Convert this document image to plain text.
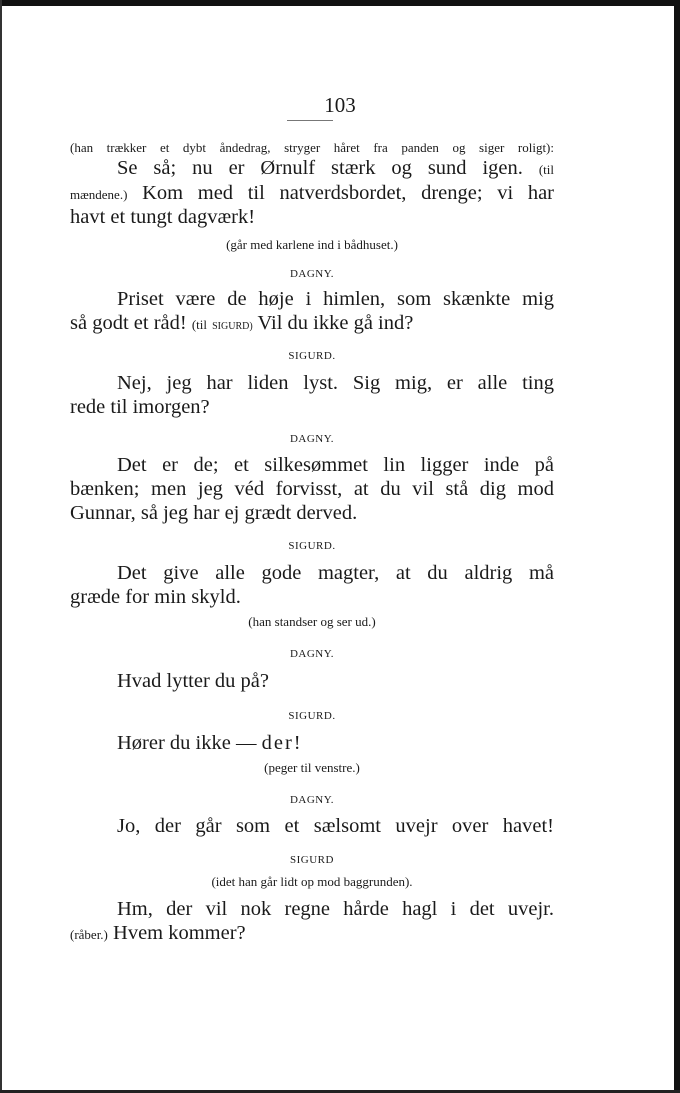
103
(han trækker et dybt åndedrag, stryger håret fra panden og siger roligt):
Se så; nu er Ørnulf stærk og sund igen. (til
mændene.) Kom med til natverdsbordet, drenge; vi har
havt et tungt dagværk!
(går med karlene ind i bådhuset.)
DAGNY.
Priset være de høje i himlen, som skænkte mig
så godt et råd! (til SIGURD) Vil du ikke gå ind?
SIGURD.
Nej, jeg har liden lyst. Sig mig, er alle ting
rede til imorgen?
DAGNY.
Det er de; et silkesømmet lin ligger inde på
bænken; men jeg véd forvisst, at du vil stå dig mod
Gunnar, så jeg har ej grædt derved.
SIGURD.
Det give alle gode magter, at du aldrig må
græde for min skyld.
(han standser og ser ud.)
DAGNY.
Hvad lytter du på?
SIGURD.
Hører du ikke — der!
(peger til venstre.)
DAGNY.
Jo, der går som et sælsomt uvejr over havet!
SIGURD
(idet han går lidt op mod baggrunden).
Hm, der vil nok regne hårde hagl i det uvejr.
(råber.) Hvem kommer?
